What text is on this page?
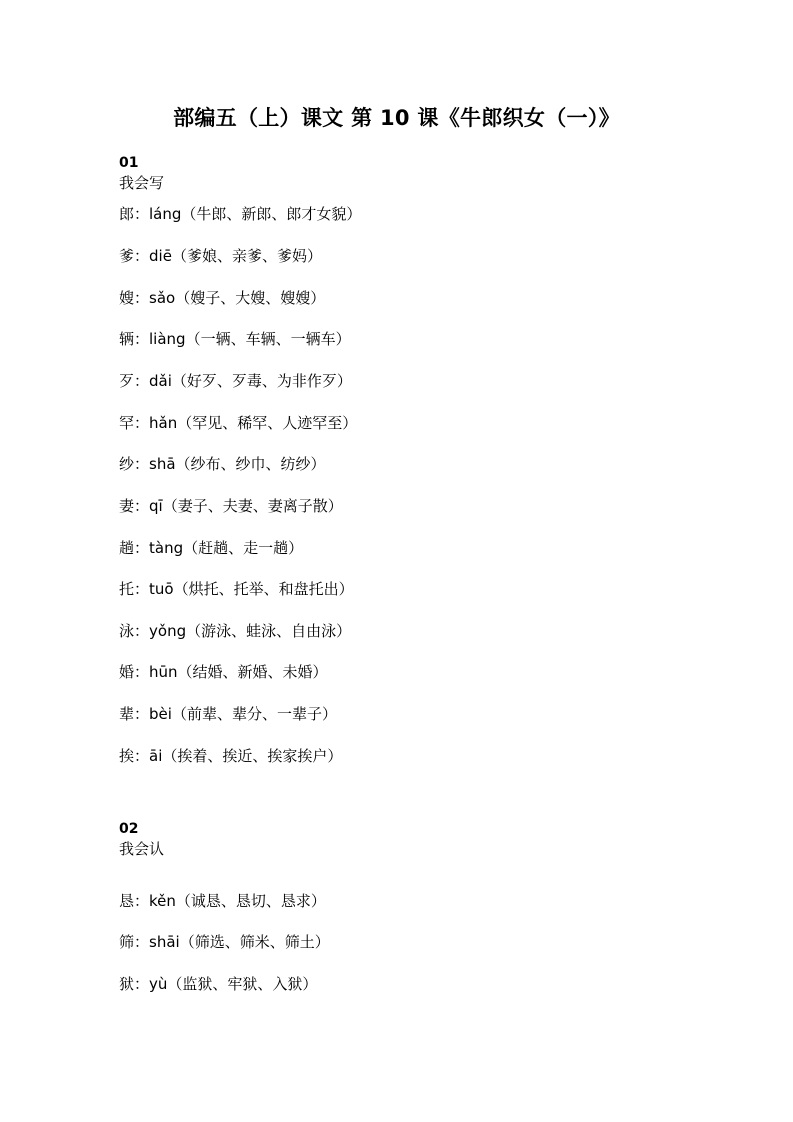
部编五（上）课文 第 10 课《牛郎织女（一）》
01
我会写
郎：láng（牛郎、新郎、郎才女貌）
爹：diē（爹娘、亲爹、爹妈）
嫂：sǎo（嫂子、大嫂、嫂嫂）
辆：liàng（一辆、车辆、一辆车）
歹：dǎi（好歹、歹毒、为非作歹）
罕：hǎn（罕见、稀罕、人迹罕至）
纱：shā（纱布、纱巾、纺纱）
妻：qī（妻子、夫妻、妻离子散）
趟：tàng（赶趟、走一趟）
托：tuō（烘托、托举、和盘托出）
泳：yǒng（游泳、蛙泳、自由泳）
婚：hūn（结婚、新婚、未婚）
辈：bèi（前辈、辈分、一辈子）
挨：āi（挨着、挨近、挨家挨户）
02
我会认
恳：kěn（诚恳、恳切、恳求）
筛：shāi（筛选、筛米、筛土）
狱：yù（监狱、牢狱、入狱）
